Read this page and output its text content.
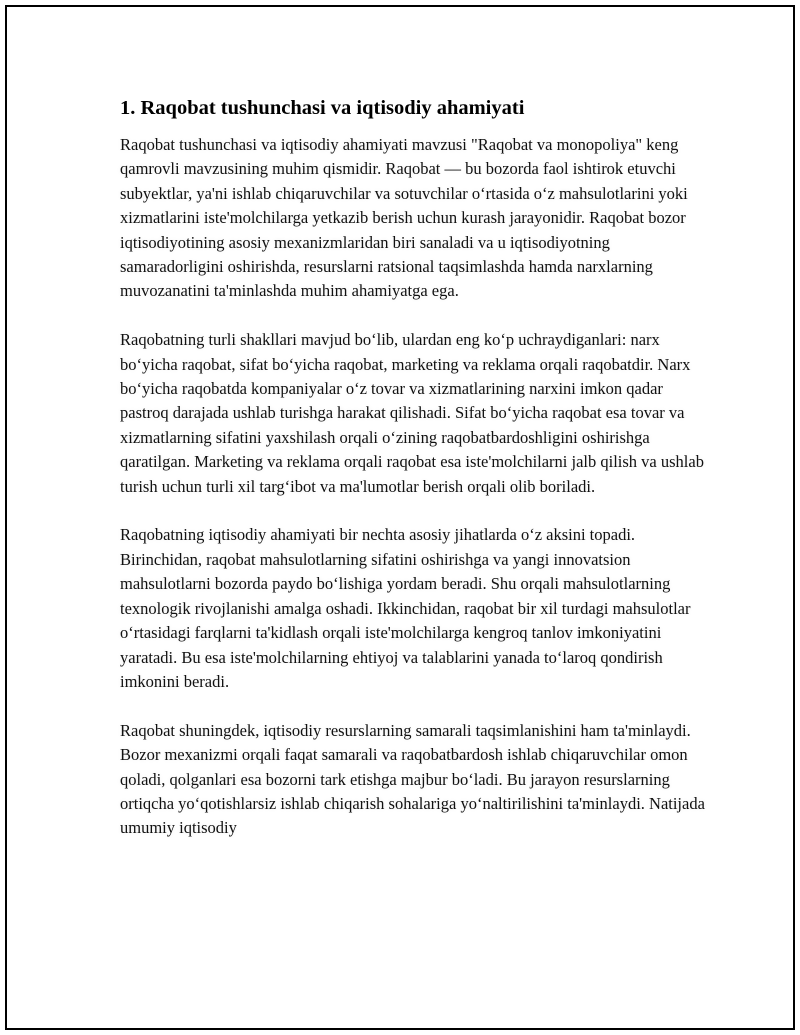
1. Raqobat tushunchasi va iqtisodiy ahamiyati

Raqobat tushunchasi va iqtisodiy ahamiyati mavzusi "Raqobat va monopoliya" keng qamrovli mavzusining muhim qismidir. Raqobat — bu bozorda faol ishtirok etuvchi subyektlar, ya'ni ishlab chiqaruvchilar va sotuvchilar o‘rtasida o‘z mahsulotlarini yoki xizmatlarini iste'molchilarga yetkazib berish uchun kurash jarayonidir. Raqobat bozor iqtisodiyotining asosiy mexanizmlaridan biri sanaladi va u iqtisodiyotning samaradorligini oshirishda, resurslarni ratsional taqsimlashda hamda narxlarning muvozanatini ta'minlashda muhim ahamiyatga ega.

Raqobatning turli shakllari mavjud bo‘lib, ulardan eng ko‘p uchraydiganlari: narx bo‘yicha raqobat, sifat bo‘yicha raqobat, marketing va reklama orqali raqobatdir. Narx bo‘yicha raqobatda kompaniyalar o‘z tovar va xizmatlarining narxini imkon qadar pastroq darajada ushlab turishga harakat qilishadi. Sifat bo‘yicha raqobat esa tovar va xizmatlarning sifatini yaxshilash orqali o‘zining raqobatbardoshligini oshirishga qaratilgan. Marketing va reklama orqali raqobat esa iste'molchilarni jalb qilish va ushlab turish uchun turli xil targ‘ibot va ma'lumotlar berish orqali olib boriladi.

Raqobatning iqtisodiy ahamiyati bir nechta asosiy jihatlarda o‘z aksini topadi. Birinchidan, raqobat mahsulotlarning sifatini oshirishga va yangi innovatsion mahsulotlarni bozorda paydo bo‘lishiga yordam beradi. Shu orqali mahsulotlarning texnologik rivojlanishi amalga oshadi. Ikkinchidan, raqobat bir xil turdagi mahsulotlar o‘rtasidagi farqlarni ta'kidlash orqali iste'molchilarga kengroq tanlov imkoniyatini yaratadi. Bu esa iste'molchilarning ehtiyoj va talablarini yanada to‘laroq qondirish imkonini beradi.

Raqobat shuningdek, iqtisodiy resurslarning samarali taqsimlanishini ham ta'minlaydi. Bozor mexanizmi orqali faqat samarali va raqobatbardosh ishlab chiqaruvchilar omon qoladi, qolganlari esa bozorni tark etishga majbur bo‘ladi. Bu jarayon resurslarning ortiqcha yo‘qotishlarsiz ishlab chiqarish sohalariga yo‘naltirilishini ta'minlaydi. Natijada umumiy iqtisodiy
